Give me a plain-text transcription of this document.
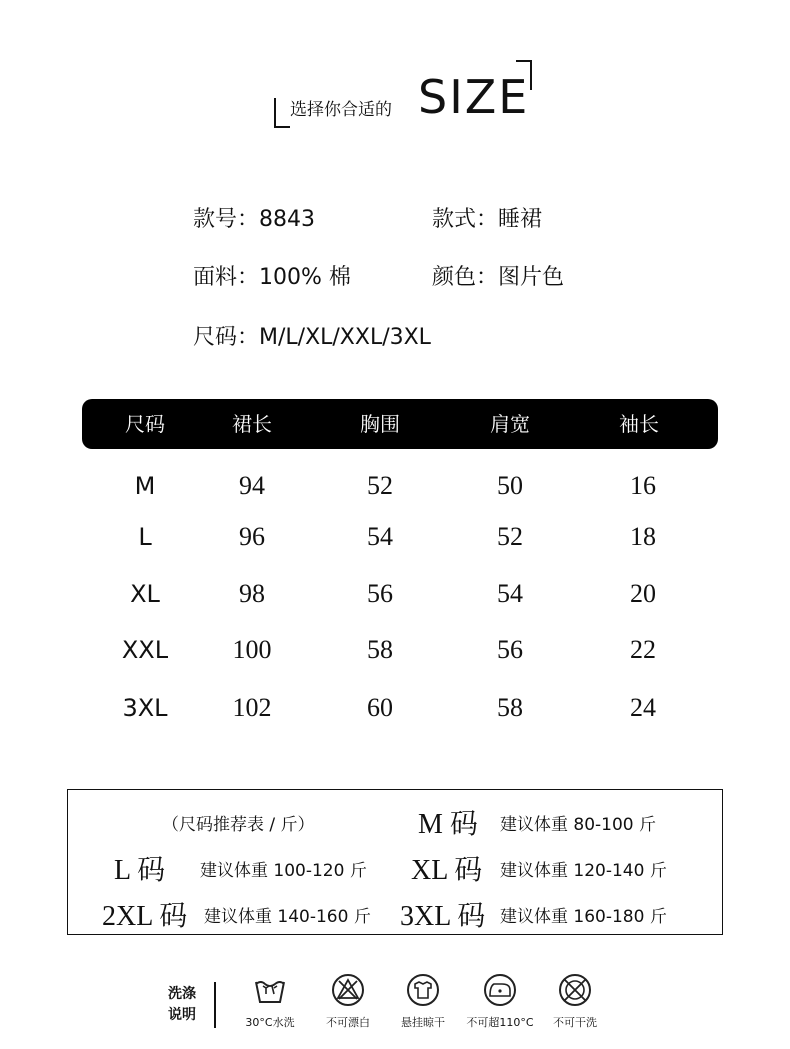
选择你合适的 SIZE
款号：8843	款式：睡裙
面料：100% 棉	颜色：图片色
尺码：M/L/XL/XXL/3XL
尺码	裙长	胸围	肩宽	袖长
M	94	52	50	16
L	96	54	52	18
XL	98	56	54	20
XXL	100	58	56	22
3XL	102	60	58	24
（尺码推荐表 / 斤）	M 码 建议体重 80-100 斤
L 码 建议体重 100-120 斤 XL 码 建议体重 120-140 斤
2XL 码 建议体重 140-160 斤 3XL 码 建议体重 160-180 斤
洗涤
说明	30°C水洗	不可漂白	悬挂晾干	不可超110°C	不可干洗
